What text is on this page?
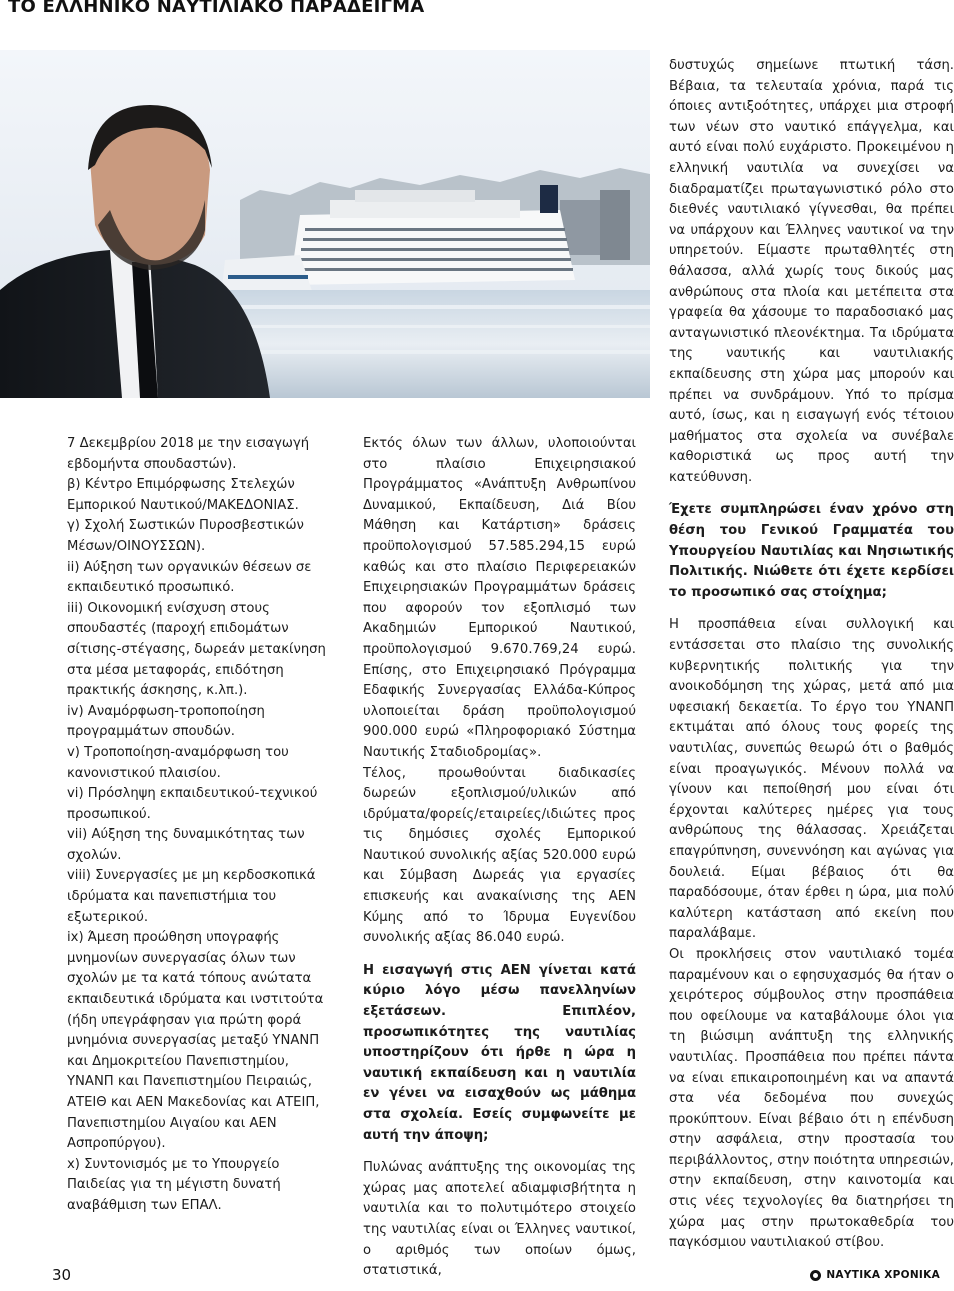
ΤΟ ΕΛΛΗΝΙΚΟ ΝΑΥΤΙΛΙΑΚΟ ΠΑΡΑΔΕΙΓΜΑ

7 Δεκεμβρίου 2018 με την εισαγωγή εβδομήντα σπουδαστών).

β) Κέντρο Επιμόρφωσης Στελεχών Εμπορικού Ναυτικού/ΜΑΚΕΔΟΝΙΑΣ.

γ) Σχολή Σωστικών Πυροσβεστικών Μέσων/ΟΙΝΟΥΣΣΩΝ).

ii) Αύξηση των οργανικών θέσεων σε εκπαιδευτικό προσωπικό.

iii) Οικονομική ενίσχυση στους σπουδαστές (παροχή επιδομάτων σίτισης-στέγασης, δωρεάν μετακίνηση στα μέσα μεταφοράς, επιδότηση πρακτικής άσκησης, κ.λπ.).

iv) Αναμόρφωση-τροποποίηση προγραμμάτων σπουδών.

v) Τροποποίηση-αναμόρφωση του κανονιστικού πλαισίου.

vi) Πρόσληψη εκπαιδευτικού-τεχνικού προσωπικού.

vii) Αύξηση της δυναμικότητας των σχολών.

viii) Συνεργασίες με μη κερδοσκοπικά ιδρύματα και πανεπιστήμια του εξωτερικού.

ix) Άμεση προώθηση υπογραφής μνημονίων συνεργασίας όλων των σχολών με τα κατά τόπους ανώτατα εκπαιδευτικά ιδρύματα και ινστιτούτα (ήδη υπεγράφησαν για πρώτη φορά μνημόνια συνεργασίας μεταξύ ΥΝΑΝΠ και Δημοκριτείου Πανεπιστημίου, ΥΝΑΝΠ και Πανεπιστημίου Πειραιώς, ΑΤΕΙΘ και ΑΕΝ Μακεδονίας και ΑΤΕΙΠ, Πανεπιστημίου Αιγαίου και ΑΕΝ Ασπροπύργου).

x) Συντονισμός με το Υπουργείο Παιδείας για τη μέγιστη δυνατή αναβάθμιση των ΕΠΑΛ.

Εκτός όλων των άλλων, υλοποιούνται στο πλαίσιο Επιχειρησιακού Προγράμματος «Ανάπτυξη Ανθρωπίνου Δυναμικού, Εκπαίδευση, Διά Βίου Μάθηση και Κατάρτιση» δράσεις προϋπολογισμού 57.585.294,15 ευρώ καθώς και στο πλαίσιο Περιφερειακών Επιχειρησιακών Προγραμμάτων δράσεις που αφορούν τον εξοπλισμό των Ακαδημιών Εμπορικού Ναυτικού, προϋπολογισμού 9.670.769,24 ευρώ. Επίσης, στο Επιχειρησιακό Πρόγραμμα Εδαφικής Συνεργασίας Ελλάδα-Κύπρος υλοποιείται δράση προϋπολογισμού 900.000 ευρώ «Πληροφοριακό Σύστημα Ναυτικής Σταδιοδρομίας».

Τέλος, προωθούνται διαδικασίες δωρεών εξοπλισμού/υλικών από ιδρύματα/φορείς/εταιρείες/ιδιώτες προς τις δημόσιες σχολές Εμπορικού Ναυτικού συνολικής αξίας 520.000 ευρώ και Σύμβαση Δωρεάς για εργασίες επισκευής και ανακαίνισης της ΑΕΝ Κύμης από το Ίδρυμα Ευγενίδου συνολικής αξίας 86.040 ευρώ.

Η εισαγωγή στις ΑΕΝ γίνεται κατά κύριο λόγο μέσω πανελληνίων εξετάσεων. Επιπλέον, προσωπικότητες της ναυτιλίας υποστηρίζουν ότι ήρθε η ώρα η ναυτική εκπαίδευση και η ναυτιλία εν γένει να εισαχθούν ως μάθημα στα σχολεία. Εσείς συμφωνείτε με αυτή την άποψη;

Πυλώνας ανάπτυξης της οικονομίας της χώρας μας αποτελεί αδιαμφισβήτητα η ναυτιλία και το πολυτιμότερο στοιχείο της ναυτιλίας είναι οι Έλληνες ναυτικοί, ο αριθμός των οποίων όμως, στατιστικά,

δυστυχώς σημείωνε πτωτική τάση. Βέβαια, τα τελευταία χρόνια, παρά τις όποιες αντιξοότητες, υπάρχει μια στροφή των νέων στο ναυτικό επάγγελμα, και αυτό είναι πολύ ευχάριστο. Προκειμένου η ελληνική ναυτιλία να συνεχίσει να διαδραματίζει πρωταγωνιστικό ρόλο στο διεθνές ναυτιλιακό γίγνεσθαι, θα πρέπει να υπάρχουν και Έλληνες ναυτικοί να την υπηρετούν. Είμαστε πρωταθλητές στη θάλασσα, αλλά χωρίς τους δικούς μας ανθρώπους στα πλοία και μετέπειτα στα γραφεία θα χάσουμε το παραδοσιακό μας ανταγωνιστικό πλεονέκτημα. Τα ιδρύματα της ναυτικής και ναυτιλιακής εκπαίδευσης στη χώρα μας μπορούν και πρέπει να συνδράμουν. Υπό το πρίσμα αυτό, ίσως, και η εισαγωγή ενός τέτοιου μαθήματος στα σχολεία να συνέβαλε καθοριστικά ως προς αυτή την κατεύθυνση.

Έχετε συμπληρώσει έναν χρόνο στη θέση του Γενικού Γραμματέα του Υπουργείου Ναυτιλίας και Νησιωτικής Πολιτικής. Νιώθετε ότι έχετε κερδίσει το προσωπικό σας στοίχημα;

Η προσπάθεια είναι συλλογική και εντάσσεται στο πλαίσιο της συνολικής κυβερνητικής πολιτικής για την ανοικοδόμηση της χώρας, μετά από μια υφεσιακή δεκαετία. Το έργο του ΥΝΑΝΠ εκτιμάται από όλους τους φορείς της ναυτιλίας, συνεπώς θεωρώ ότι ο βαθμός είναι προαγωγικός. Μένουν πολλά να γίνουν και πεποίθησή μου είναι ότι έρχονται καλύτερες ημέρες για τους ανθρώπους της θάλασσας. Χρειάζεται επαγρύπνηση, συνεννόηση και αγώνας για δουλειά. Είμαι βέβαιος ότι θα παραδόσουμε, όταν έρθει η ώρα, μια πολύ καλύτερη κατάσταση από εκείνη που παραλάβαμε.

Οι προκλήσεις στον ναυτιλιακό τομέα παραμένουν και ο εφησυχασμός θα ήταν ο χειρότερος σύμβουλος στην προσπάθεια που οφείλουμε να καταβάλουμε όλοι για τη βιώσιμη ανάπτυξη της ελληνικής ναυτιλίας. Προσπάθεια που πρέπει πάντα να είναι επικαιροποιημένη και να απαντά στα νέα δεδομένα που συνεχώς προκύπτουν. Είναι βέβαιο ότι η επένδυση στην ασφάλεια, στην προστασία του περιβάλλοντος, στην ποιότητα υπηρεσιών, στην εκπαίδευση, στην καινοτομία και στις νέες τεχνολογίες θα διατηρήσει τη χώρα μας στην πρωτοκαθεδρία του παγκόσμιου ναυτιλιακού στίβου.

30	ΝΑΥΤΙΚΑ ΧΡΟΝΙΚΑ
